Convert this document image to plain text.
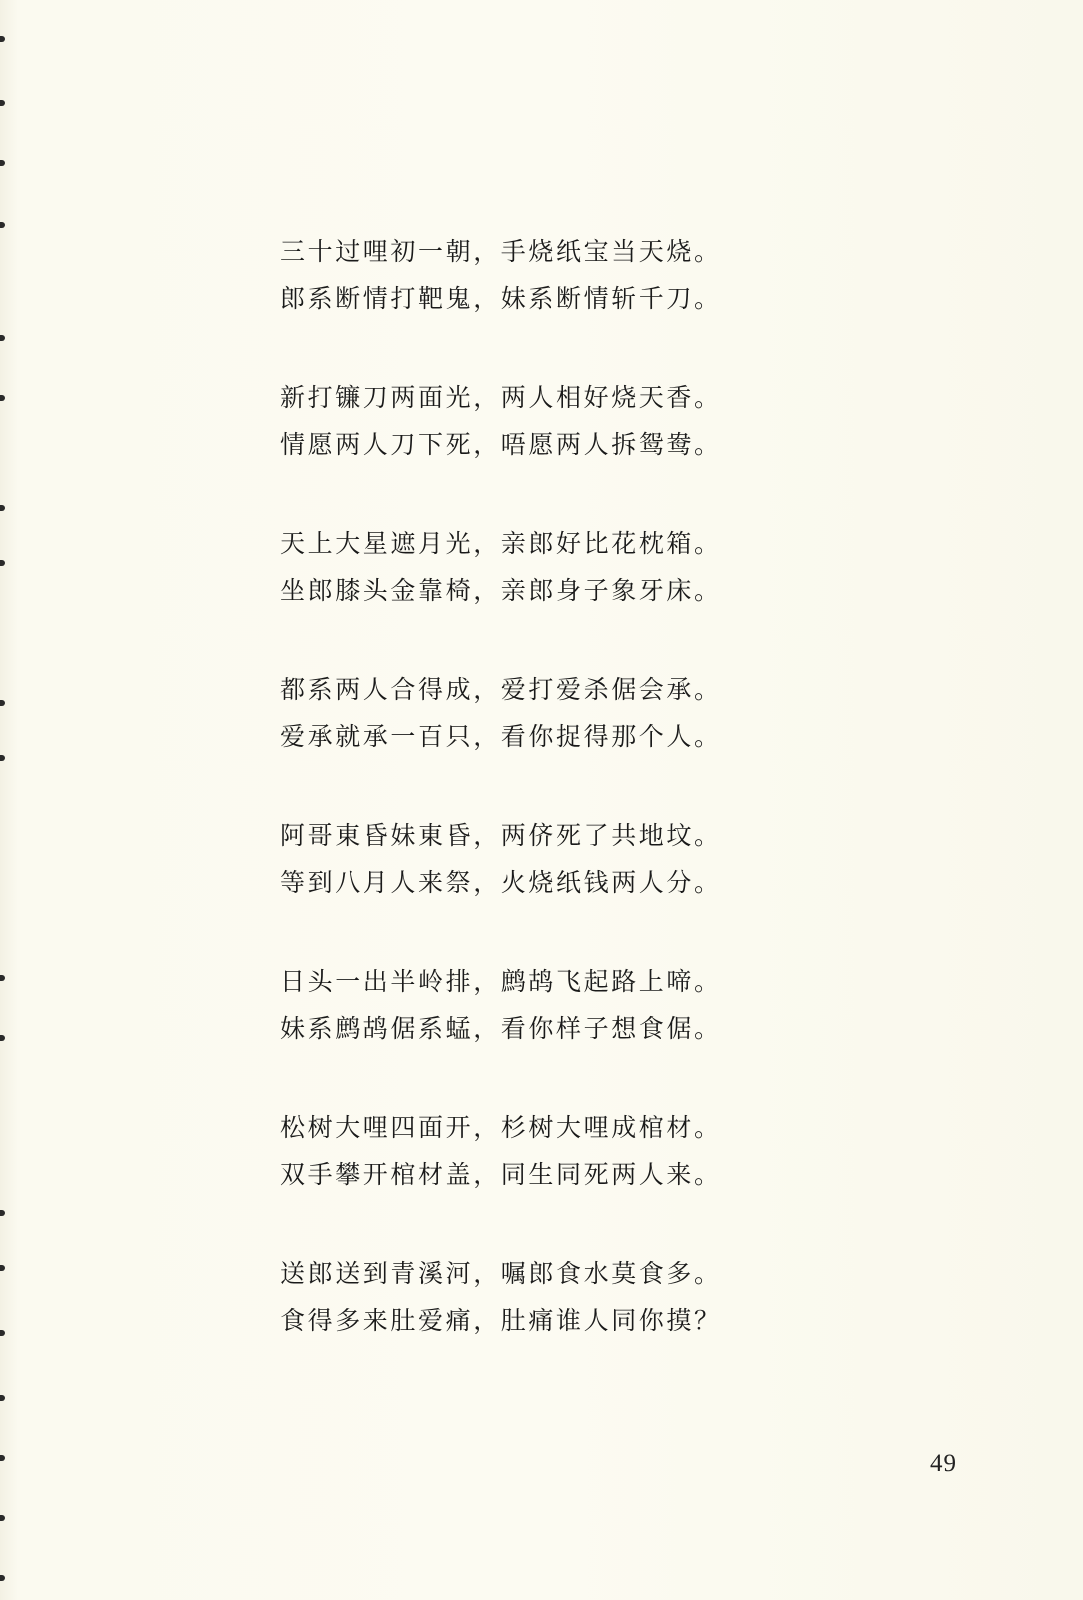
三十过哩初一朝，手烧纸宝当天烧。
郎系断情打靶鬼，妹系断情斩千刀。
新打镰刀两面光，两人相好烧天香。
情愿两人刀下死，唔愿两人拆鸳鸯。
天上大星遮月光，亲郎好比花枕箱。
坐郎膝头金靠椅，亲郎身子象牙床。
都系两人合得成，爱打爱杀倨会承。
爱承就承一百只，看你捉得那个人。
阿哥東昏妹東昏，两侪死了共地坟。
等到八月人来祭，火烧纸钱两人分。
日头一出半岭排，鹧鸪飞起路上啼。
妹系鹧鸪倨系蜢，看你样子想食倨。
松树大哩四面开，杉树大哩成棺材。
双手攀开棺材盖，同生同死两人来。
送郎送到青溪河，嘱郎食水莫食多。
食得多来肚爱痛，肚痛谁人同你摸？
49
